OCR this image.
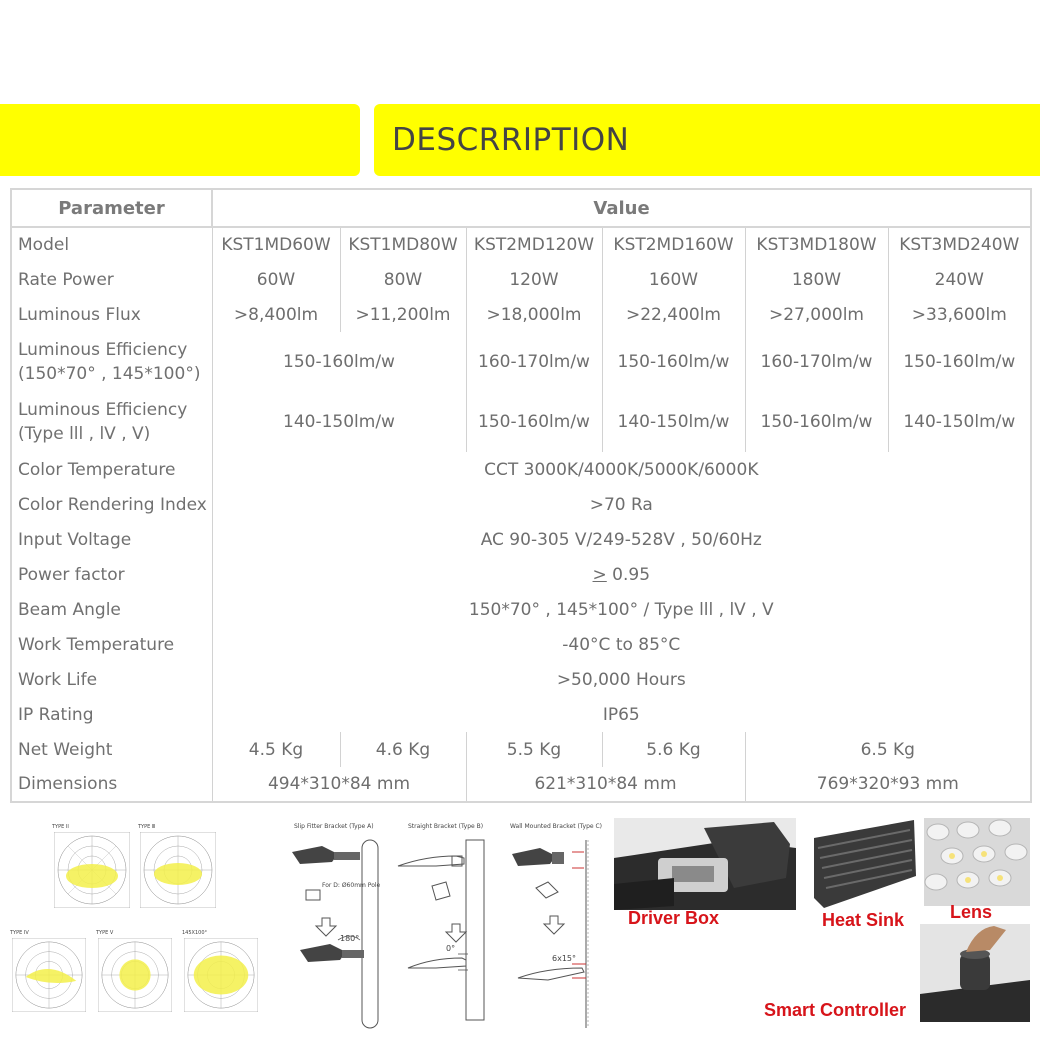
DESCRRIPTION
Parameter	Value					
Model	KST1MD60W	KST1MD80W	KST2MD120W	KST2MD160W	KST3MD180W	KST3MD240W
Rate Power	60W	80W	120W	160W	180W	240W
Luminous Flux	>8,400lm	>11,200lm	>18,000lm	>22,400lm	>27,000lm	>33,600lm
Luminous Efficiency
(150*70° , 145*100°)	150-160lm/w		160-170lm/w	150-160lm/w	160-170lm/w	150-160lm/w
Luminous Efficiency
(Type lll , lV , V)	140-150lm/w		150-160lm/w	140-150lm/w	150-160lm/w	140-150lm/w
Color Temperature	CCT 3000K/4000K/5000K/6000K					
Color Rendering Index	>70 Ra					
Input Voltage	AC 90-305 V/249-528V , 50/60Hz					
Power factor	≥ 0.95					
Beam Angle	150*70° , 145*100° / Type lll , lV , V					
Work Temperature	-40°C to 85°C					
Work Life	>50,000 Hours					
IP Rating	IP65					
Net Weight	4.5 Kg	4.6 Kg	5.5 Kg	5.6 Kg	6.5 Kg	
Dimensions	494*310*84 mm		621*310*84 mm		769*320*93 mm	
TYPE II	TYPE Ⅲ
TYPE IV	TYPE V	145X100°
Slip Fitter Bracket (Type A)	Straight Bracket (Type B)	Wall Mounted Bracket (Type C)
For D: Ø60mm Pole
180°
0°
6x15°
Driver Box	Heat Sink	Lens
Smart Controller
